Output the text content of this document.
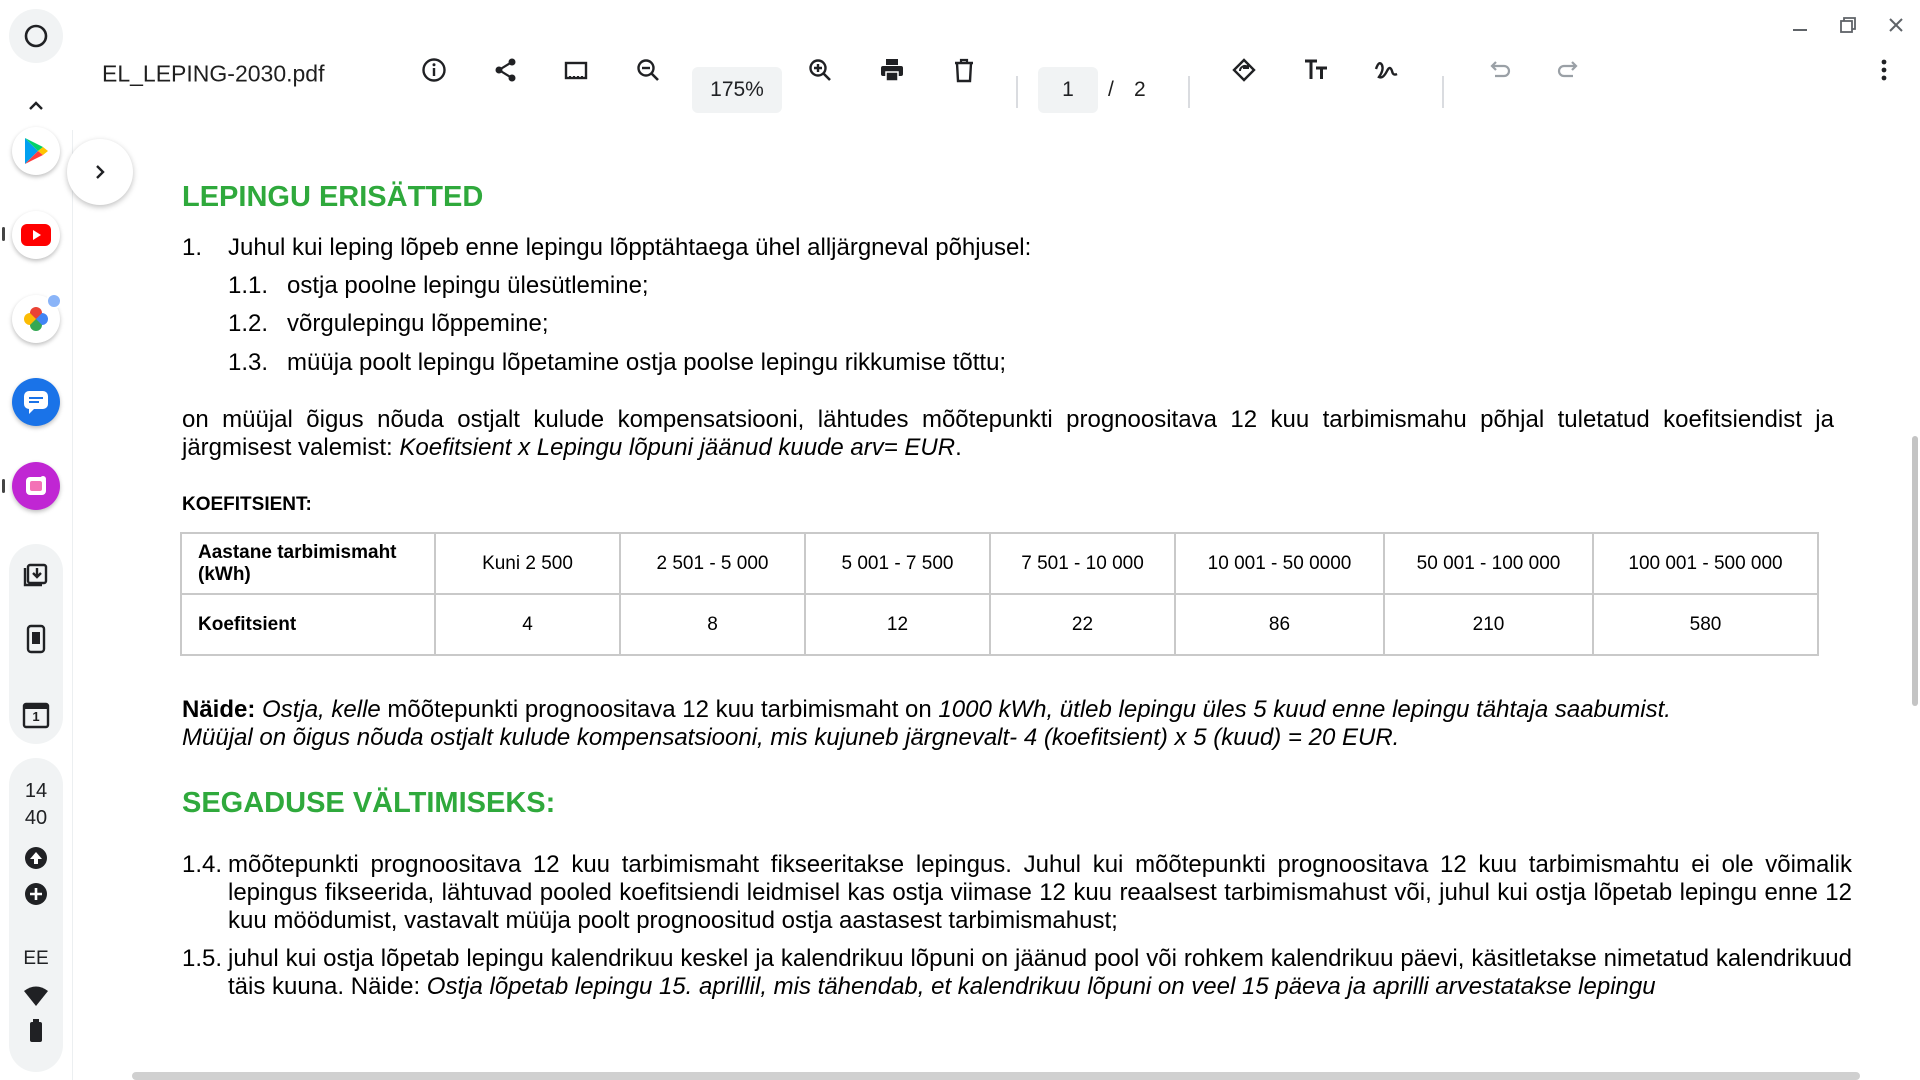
1
14
40
EE
EL_LEPING-2030.pdf
175%	1	/ 2
LEPINGU ERISÄTTED
1. Juhul kui leping lõpeb enne lepingu lõpptähtaega ühel alljärgneval põhjusel:
1.1. ostja poolne lepingu ülesütlemine;
1.2. võrgulepingu lõppemine;
1.3. müüja poolt lepingu lõpetamine ostja poolse lepingu rikkumise tõttu;
on müüjal õigus nõuda ostjalt kulude kompensatsiooni, lähtudes mõõtepunkti prognoositava 12 kuu tarbimismahu põhjal tuletatud koefitsiendist ja järgmisest valemist: Koefitsient x Lepingu lõpuni jäänud kuude arv= EUR.
KOEFITSIENT:
Aastane tarbimismaht (kWh)	Kuni 2 500	2 501 - 5 000	5 001 - 7 500	7 501 - 10 000	10 001 - 50 0000	50 001 - 100 000	100 001 - 500 000
Koefitsient	4	8	12	22	86	210	580
Näide: Ostja, kelle mõõtepunkti prognoositava 12 kuu tarbimismaht on 1000 kWh, ütleb lepingu üles 5 kuud enne lepingu tähtaja saabumist.
Müüjal on õigus nõuda ostjalt kulude kompensatsiooni, mis kujuneb järgnevalt- 4 (koefitsient) x 5 (kuud) = 20 EUR.
SEGADUSE VÄLTIMISEKS:
1.4. mõõtepunkti prognoositava 12 kuu tarbimismaht fikseeritakse lepingus. Juhul kui mõõtepunkti prognoositava 12 kuu tarbimismahtu ei ole võimalik lepingus fikseerida, lähtuvad pooled koefitsiendi leidmisel kas ostja viimase 12 kuu reaalsest tarbimismahust või, juhul kui ostja lõpetab lepingu enne 12 kuu möödumist, vastavalt müüja poolt prognoositud ostja aastasest tarbimismahust;
1.5. juhul kui ostja lõpetab lepingu kalendrikuu keskel ja kalendrikuu lõpuni on jäänud pool või rohkem kalendrikuu päevi, käsitletakse nimetatud kalendrikuud täis kuuna. Näide: Ostja lõpetab lepingu 15. aprillil, mis tähendab, et kalendrikuu lõpuni on veel 15 päeva ja aprilli arvestatakse lepingu
